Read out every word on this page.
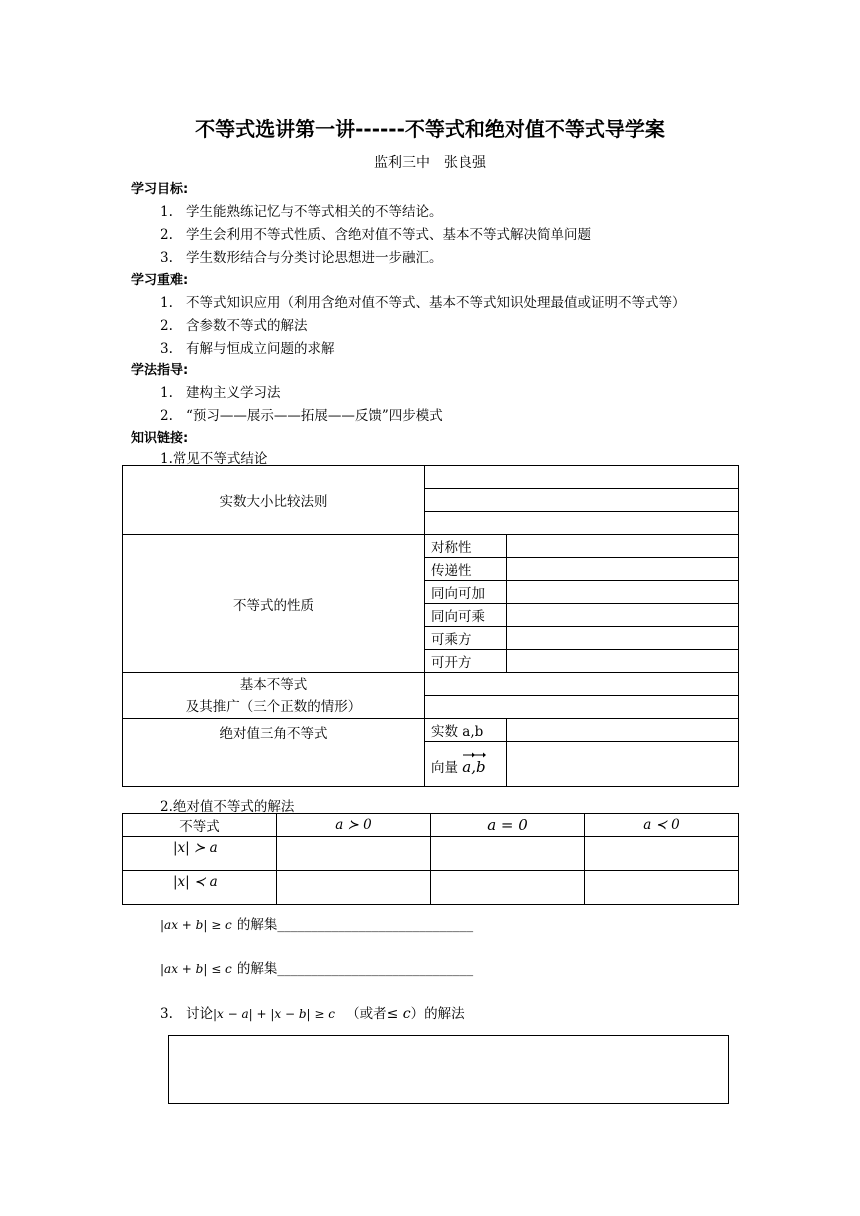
不等式选讲第一讲------不等式和绝对值不等式导学案
监利三中　张良强
学习目标:
1. 学生能熟练记忆与不等式相关的不等结论。
2. 学生会利用不等式性质、含绝对值不等式、基本不等式解决简单问题
3. 学生数形结合与分类讨论思想进一步融汇。
学习重难:
1. 不等式知识应用（利用含绝对值不等式、基本不等式知识处理最值或证明不等式等）
2. 含参数不等式的解法
3. 有解与恒成立问题的求解
学法指导:
1. 建构主义学习法
2. “预习——展示——拓展——反馈”四步模式
知识链接:
1.常见不等式结论
实数大小比较法则		

不等式的性质	对称性	
	传递性	
	同向可加	
	同向可乘	
	可乘方	
	可开方	

基本不等式
及其推广（三个正数的情形）		

绝对值三角不等式	实数 a,b	
	向量 a,b	
2.绝对值不等式的解法
不等式	a ≻ 0	a = 0	a ≺ 0
|x| ≻ a			
|x| ≺ a			
|ax + b| ≥ c 的解集_____________________________
|ax + b| ≤ c 的解集_____________________________
3. 讨论|x − a| + |x − b| ≥ c （或者≤ c）的解法
